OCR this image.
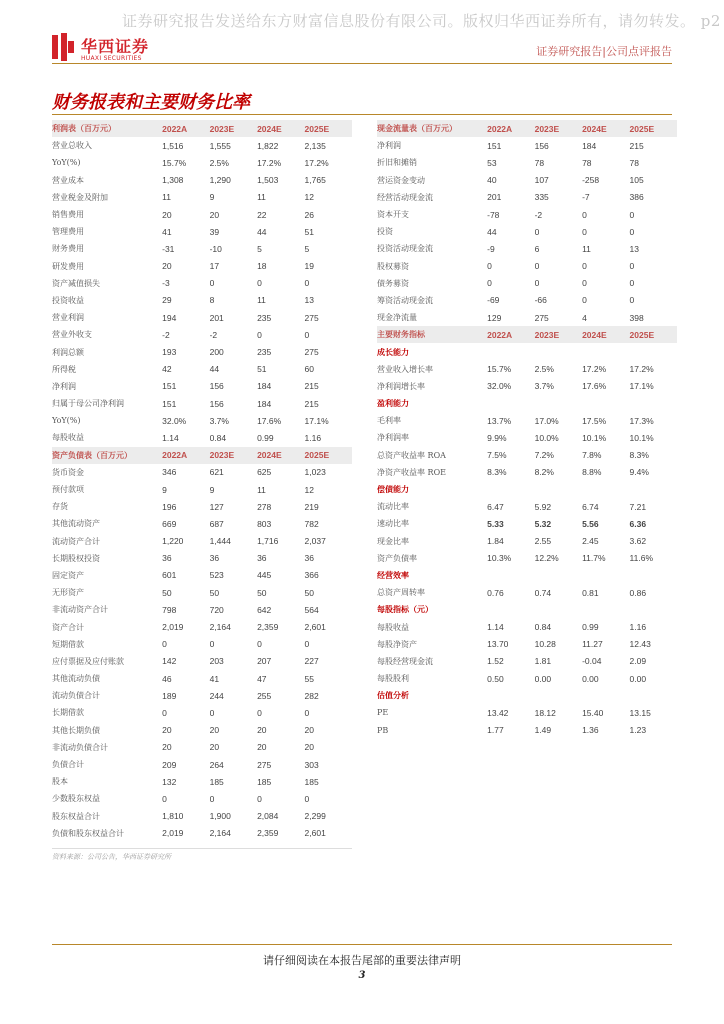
证券研究报告发送给东方财富信息股份有限公司。版权归华西证券所有，请勿转发。 p2
华西证券
HUAXI SECURITIES
证券研究报告|公司点评报告
财务报表和主要财务比率
利润表（百万元）	2022A	2023E	2024E	2025E
营业总收入	1,516	1,555	1,822	2,135
YoY(%)	15.7%	2.5%	17.2%	17.2%
营业成本	1,308	1,290	1,503	1,765
营业税金及附加	11	9	11	12
销售费用	20	20	22	26
管理费用	41	39	44	51
财务费用	-31	-10	5	5
研发费用	20	17	18	19
资产减值损失	-3	0	0	0
投资收益	29	8	11	13
营业利润	194	201	235	275
营业外收支	-2	-2	0	0
利润总额	193	200	235	275
所得税	42	44	51	60
净利润	151	156	184	215
归属于母公司净利润	151	156	184	215
YoY(%)	32.0%	3.7%	17.6%	17.1%
每股收益	1.14	0.84	0.99	1.16
资产负债表（百万元）	2022A	2023E	2024E	2025E
货币资金	346	621	625	1,023
预付款项	9	9	11	12
存货	196	127	278	219
其他流动资产	669	687	803	782
流动资产合计	1,220	1,444	1,716	2,037
长期股权投资	36	36	36	36
固定资产	601	523	445	366
无形资产	50	50	50	50
非流动资产合计	798	720	642	564
资产合计	2,019	2,164	2,359	2,601
短期借款	0	0	0	0
应付票据及应付账款	142	203	207	227
其他流动负债	46	41	47	55
流动负债合计	189	244	255	282
长期借款	0	0	0	0
其他长期负债	20	20	20	20
非流动负债合计	20	20	20	20
负债合计	209	264	275	303
股本	132	185	185	185
少数股东权益	0	0	0	0
股东权益合计	1,810	1,900	2,084	2,299
负债和股东权益合计	2,019	2,164	2,359	2,601
现金流量表（百万元）	2022A	2023E	2024E	2025E
净利润	151	156	184	215
折旧和摊销	53	78	78	78
营运资金变动	40	107	-258	105
经营活动现金流	201	335	-7	386
资本开支	-78	-2	0	0
投资	44	0	0	0
投资活动现金流	-9	6	11	13
股权募资	0	0	0	0
债务募资	0	0	0	0
筹资活动现金流	-69	-66	0	0
现金净流量	129	275	4	398
主要财务指标	2022A	2023E	2024E	2025E
成长能力
营业收入增长率	15.7%	2.5%	17.2%	17.2%
净利润增长率	32.0%	3.7%	17.6%	17.1%
盈利能力
毛利率	13.7%	17.0%	17.5%	17.3%
净利润率	9.9%	10.0%	10.1%	10.1%
总资产收益率 ROA	7.5%	7.2%	7.8%	8.3%
净资产收益率 ROE	8.3%	8.2%	8.8%	9.4%
偿债能力
流动比率	6.47	5.92	6.74	7.21
速动比率	5.33	5.32	5.56	6.36
现金比率	1.84	2.55	2.45	3.62
资产负债率	10.3%	12.2%	11.7%	11.6%
经营效率
总资产周转率	0.76	0.74	0.81	0.86
每股指标（元）
每股收益	1.14	0.84	0.99	1.16
每股净资产	13.70	10.28	11.27	12.43
每股经营现金流	1.52	1.81	-0.04	2.09
每股股利	0.50	0.00	0.00	0.00
估值分析
PE	13.42	18.12	15.40	13.15
PB	1.77	1.49	1.36	1.23
资料来源：公司公告，华西证券研究所
请仔细阅读在本报告尾部的重要法律声明
3
